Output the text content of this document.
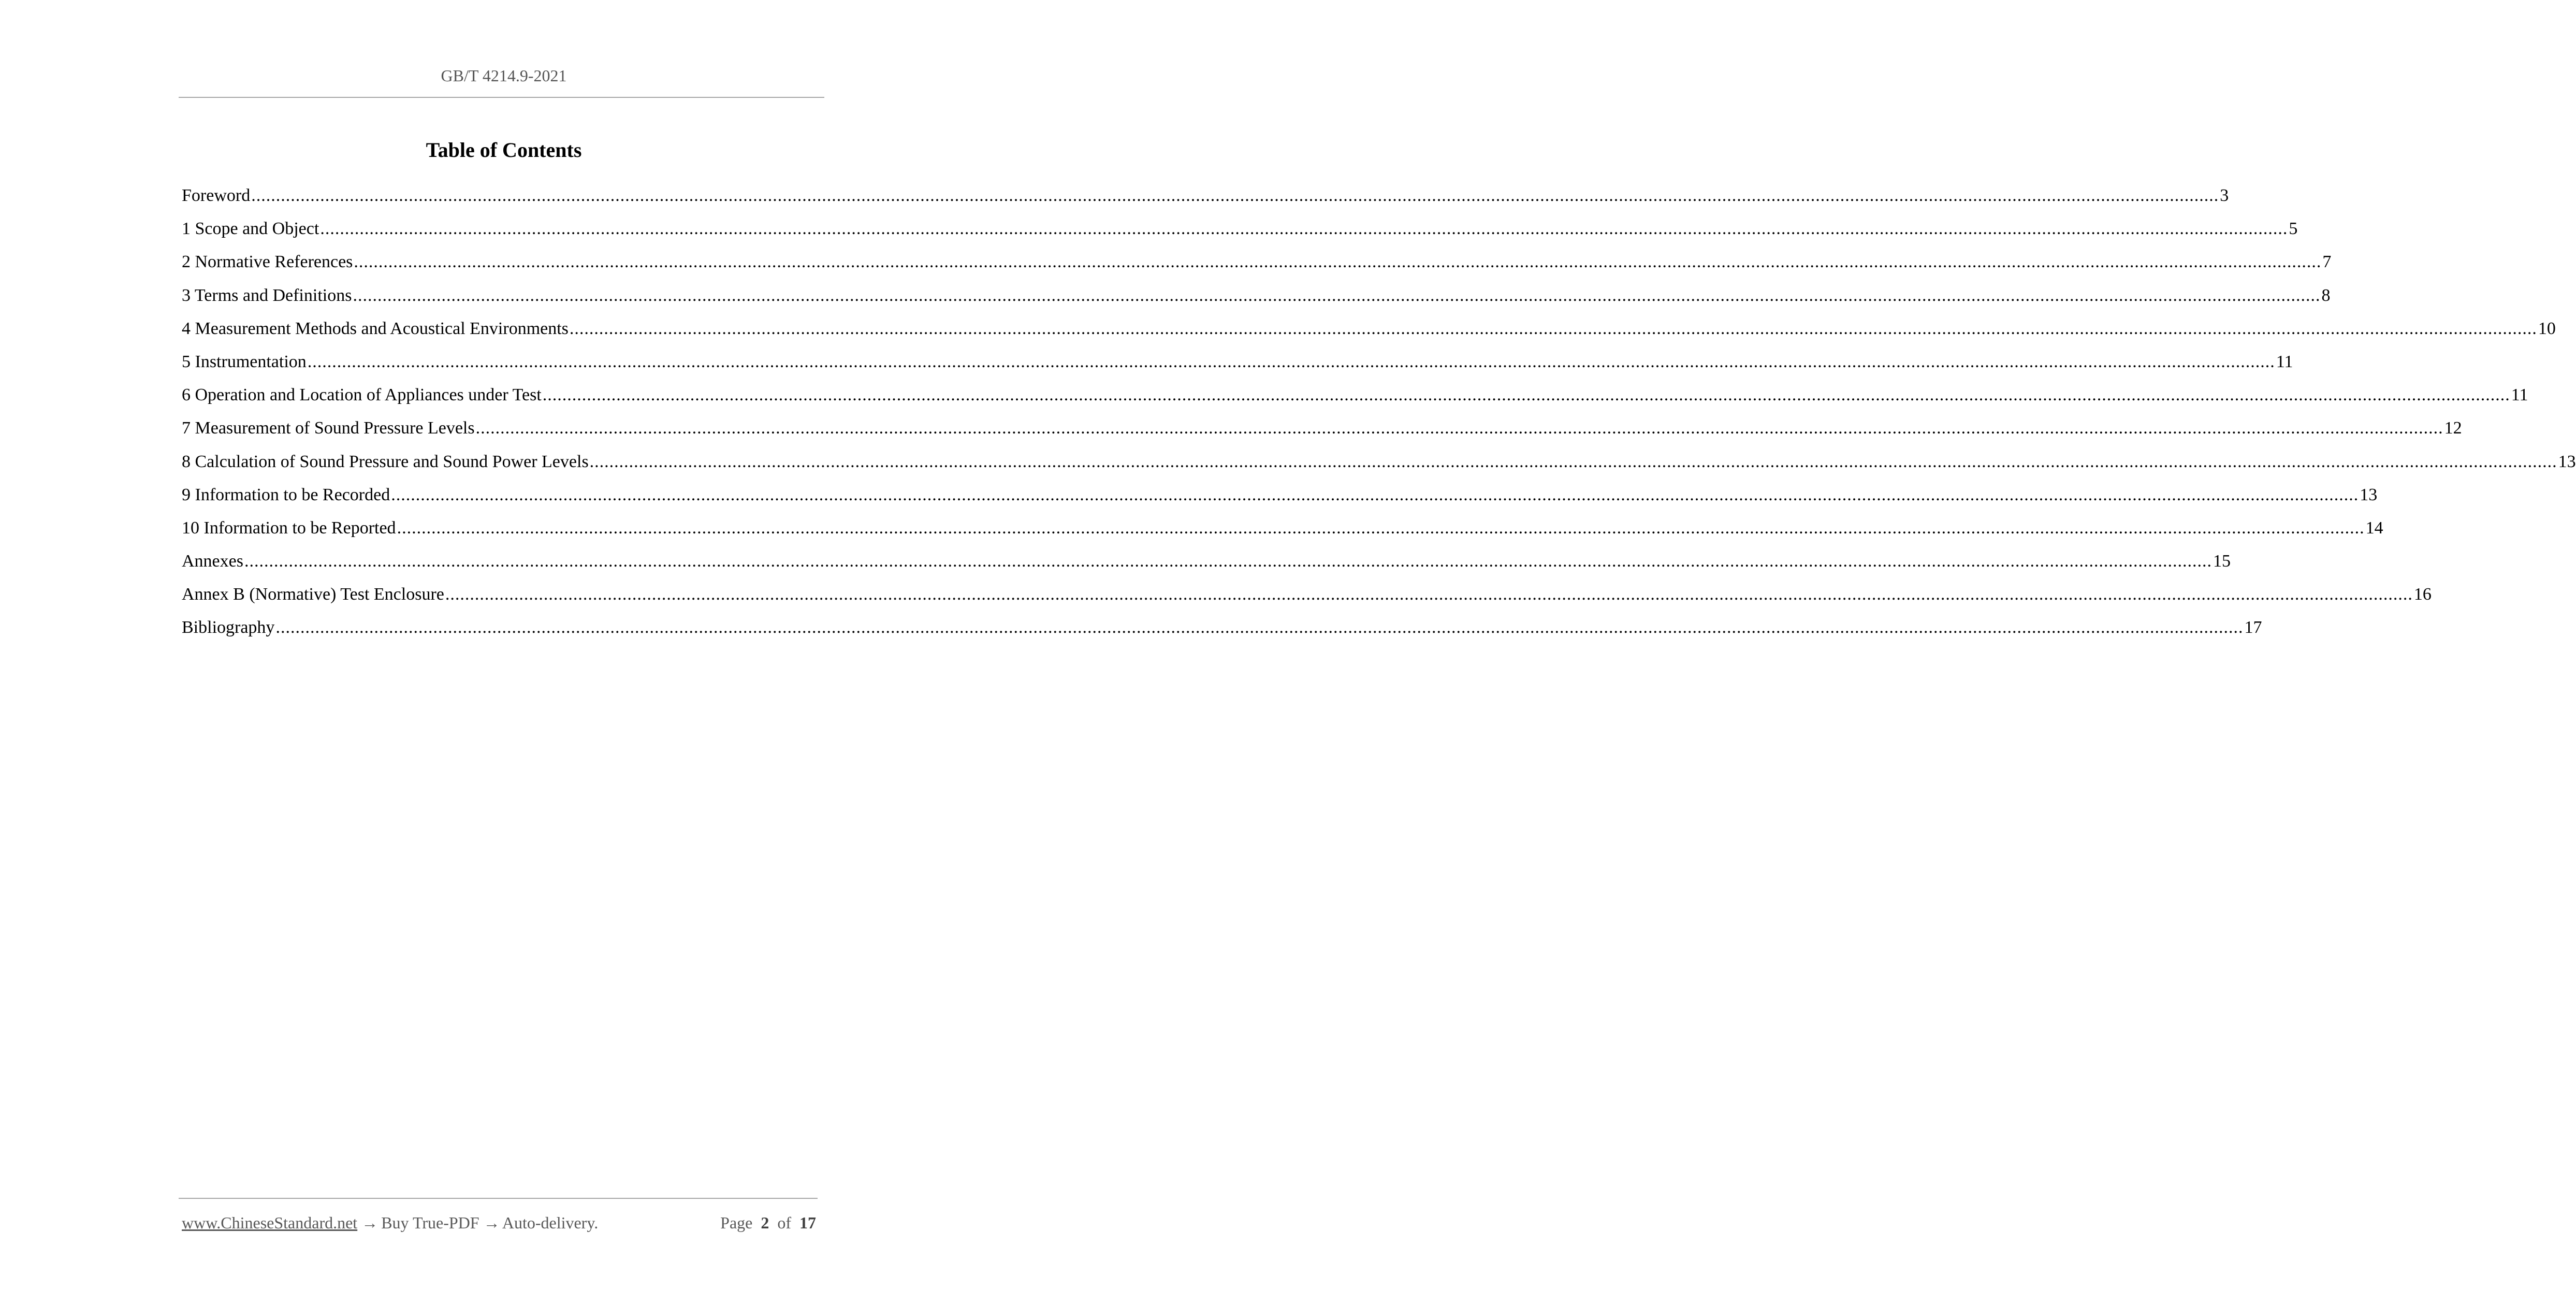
GB/T 4214.9-2021
Table of Contents
Foreword ................................................................................................................................................................................................................................................................................................................................................................................................................ 3
1 Scope and Object ................................................................................................................................................................................................................................................................................................................................................................................................................ 5
2 Normative References ................................................................................................................................................................................................................................................................................................................................................................................................................ 7
3 Terms and Definitions ................................................................................................................................................................................................................................................................................................................................................................................................................ 8
4 Measurement Methods and Acoustical Environments ................................................................................................................................................................................................................................................................................................................................................................................................................ 10
5 Instrumentation ................................................................................................................................................................................................................................................................................................................................................................................................................ 11
6 Operation and Location of Appliances under Test ................................................................................................................................................................................................................................................................................................................................................................................................................ 11
7 Measurement of Sound Pressure Levels ................................................................................................................................................................................................................................................................................................................................................................................................................ 12
8 Calculation of Sound Pressure and Sound Power Levels ................................................................................................................................................................................................................................................................................................................................................................................................................ 13
9 Information to be Recorded ................................................................................................................................................................................................................................................................................................................................................................................................................ 13
10 Information to be Reported ................................................................................................................................................................................................................................................................................................................................................................................................................ 14
Annexes ................................................................................................................................................................................................................................................................................................................................................................................................................ 15
Annex B (Normative) Test Enclosure ................................................................................................................................................................................................................................................................................................................................................................................................................ 16
Bibliography ................................................................................................................................................................................................................................................................................................................................................................................................................ 17
www.ChineseStandard.net → Buy True-PDF → Auto-delivery.	Page 2 of 17
